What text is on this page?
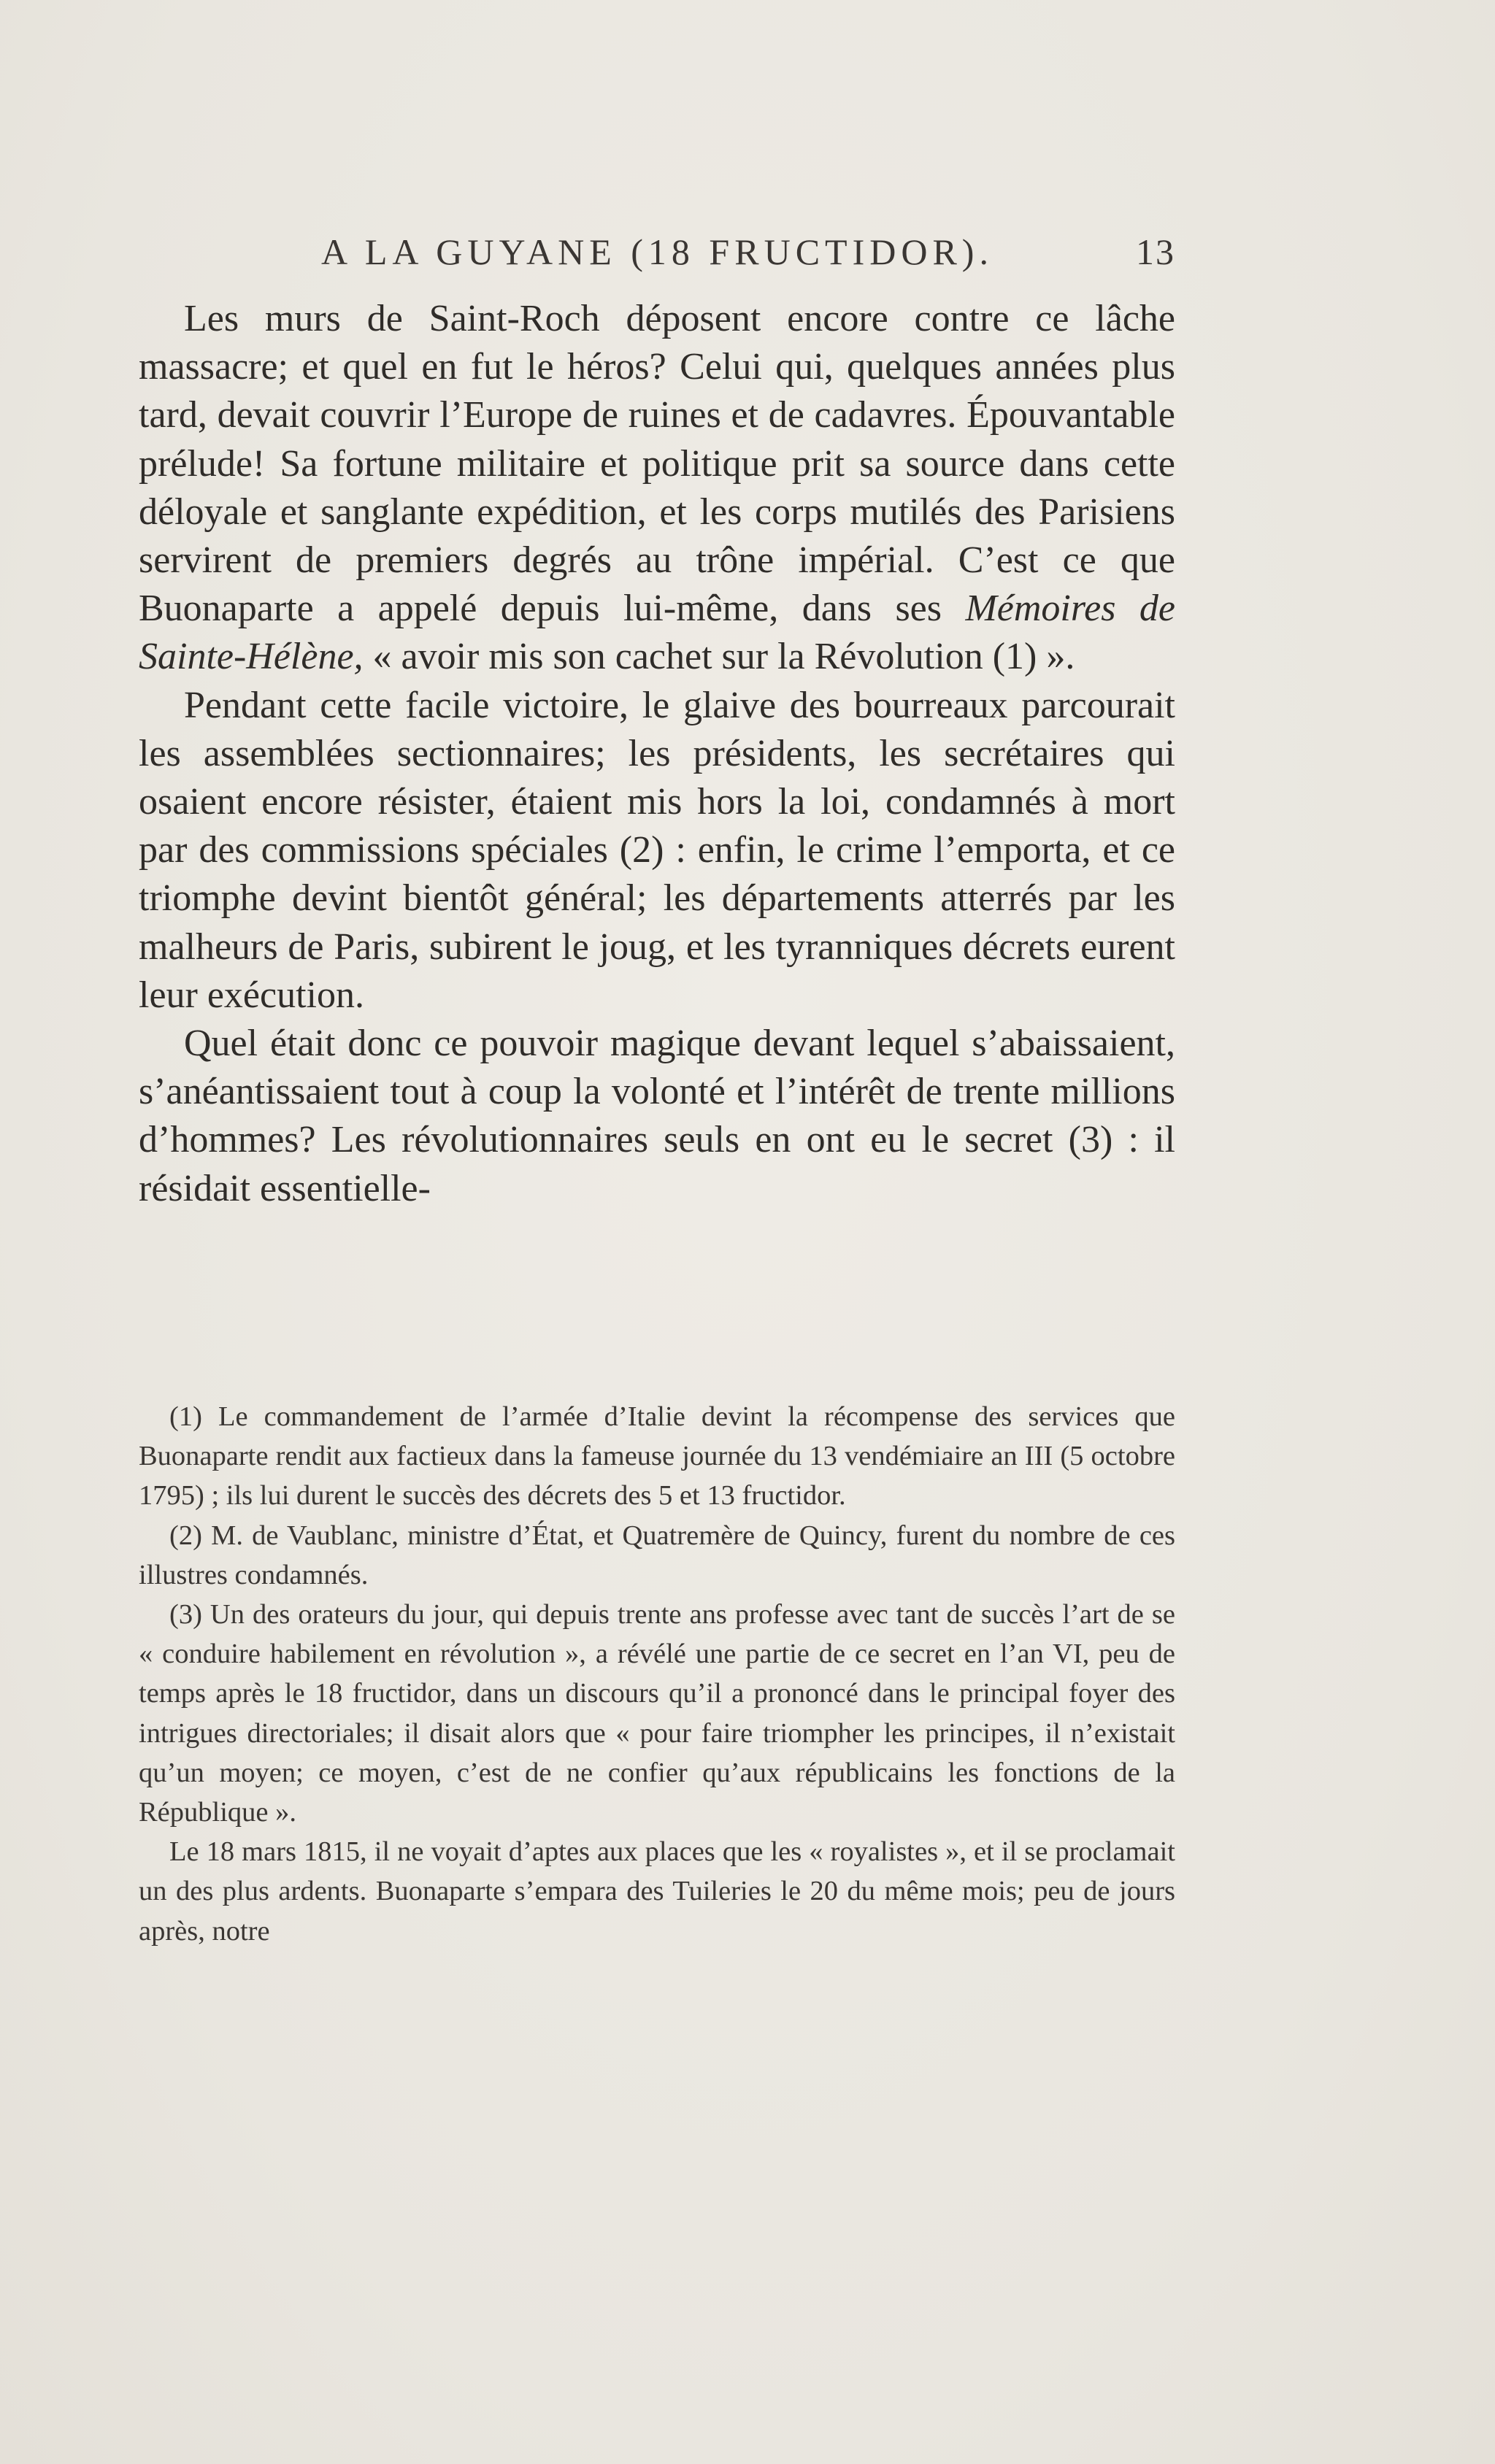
A LA GUYANE (18 FRUCTIDOR).	13

Les murs de Saint-Roch déposent encore contre ce lâche massacre; et quel en fut le héros? Celui qui, quelques années plus tard, devait couvrir l’Europe de ruines et de cadavres. Épouvantable prélude! Sa fortune militaire et politique prit sa source dans cette déloyale et sanglante expédition, et les corps mutilés des Parisiens servirent de premiers degrés au trône impérial. C’est ce que Buonaparte a appelé depuis lui-même, dans ses Mémoires de Sainte-Hélène, « avoir mis son cachet sur la Révolution (1) ».

Pendant cette facile victoire, le glaive des bourreaux parcourait les assemblées sectionnaires; les présidents, les secrétaires qui osaient encore résister, étaient mis hors la loi, condamnés à mort par des commissions spéciales (2) : enfin, le crime l’emporta, et ce triomphe devint bientôt général; les départements atterrés par les malheurs de Paris, subirent le joug, et les tyranniques décrets eurent leur exécution.

Quel était donc ce pouvoir magique devant lequel s’abaissaient, s’anéantissaient tout à coup la volonté et l’intérêt de trente millions d’hommes? Les révolutionnaires seuls en ont eu le secret (3) : il résidait essentielle-

(1) Le commandement de l’armée d’Italie devint la récompense des services que Buonaparte rendit aux factieux dans la fameuse journée du 13 vendémiaire an III (5 octobre 1795) ; ils lui durent le succès des décrets des 5 et 13 fructidor.

(2) M. de Vaublanc, ministre d’État, et Quatremère de Quincy, furent du nombre de ces illustres condamnés.

(3) Un des orateurs du jour, qui depuis trente ans professe avec tant de succès l’art de se « conduire habilement en révolution », a révélé une partie de ce secret en l’an VI, peu de temps après le 18 fructidor, dans un discours qu’il a prononcé dans le principal foyer des intrigues directoriales; il disait alors que « pour faire triompher les principes, il n’existait qu’un moyen; ce moyen, c’est de ne confier qu’aux républicains les fonctions de la République ».

Le 18 mars 1815, il ne voyait d’aptes aux places que les « royalistes », et il se proclamait un des plus ardents. Buonaparte s’empara des Tuileries le 20 du même mois; peu de jours après, notre
